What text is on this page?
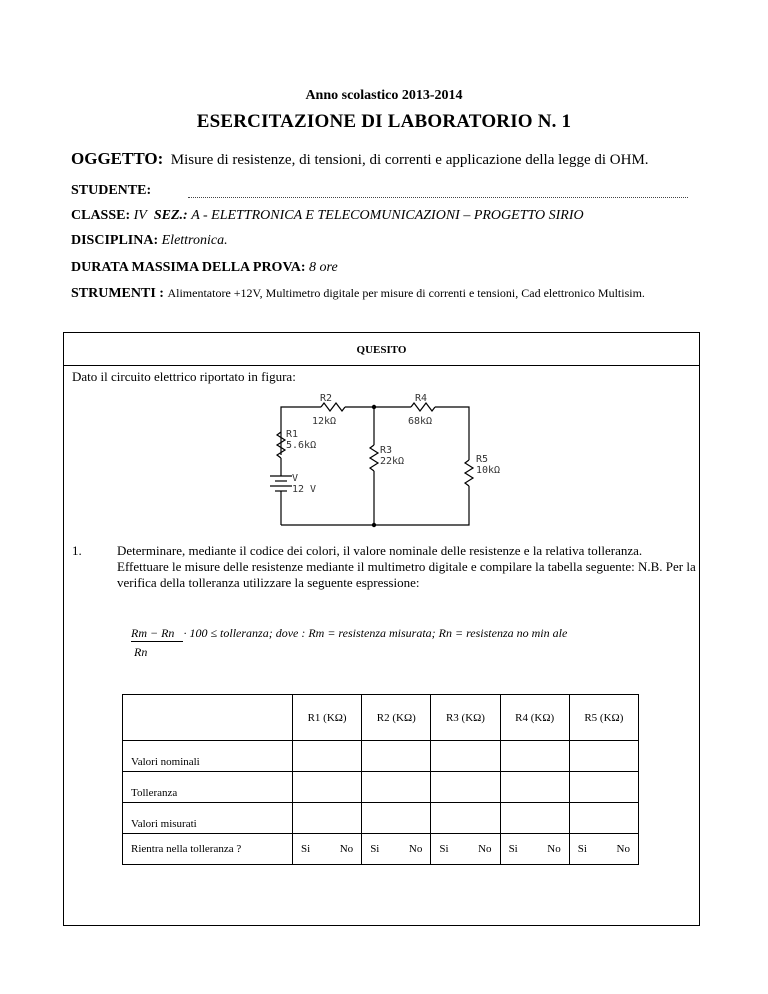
Anno scolastico 2013-2014
ESERCITAZIONE DI LABORATORIO N. 1
OGGETTO: Misure di resistenze, di tensioni, di correnti e applicazione della legge di OHM.
STUDENTE:
CLASSE: IV SEZ.: A - ELETTRONICA E TELECOMUNICAZIONI – PROGETTO SIRIO
DISCIPLINA: Elettronica.
DURATA MASSIMA DELLA PROVA: 8 ore
STRUMENTI : Alimentatore +12V, Multimetro digitale per misure di correnti e tensioni, Cad elettronico Multisim.
QUESITO
Dato il circuito elettrico riportato in figura:
R2
12kΩ
R4
68kΩ
R1
5.6kΩ	R3
22kΩ	R5
10kΩ
V
12 V
1.	Determinare, mediante il codice dei colori, il valore nominale delle resistenze e la relativa tolleranza. Effettuare le misure delle resistenze mediante il multimetro digitale e compilare la tabella seguente: N.B. Per la verifica della tolleranza utilizzare la seguente espressione:
Rm − Rn · 100 ≤ tolleranza; dove : Rm = resistenza misurata; Rn = resistenza no min ale
Rn
	R1 (KΩ)	R2 (KΩ)	R3 (KΩ)	R4 (KΩ)	R5 (KΩ)
Valori nominali					
Tolleranza					
Valori misurati					
Rientra nella tolleranza ?	Si No	Si No	Si No	Si No	Si No
